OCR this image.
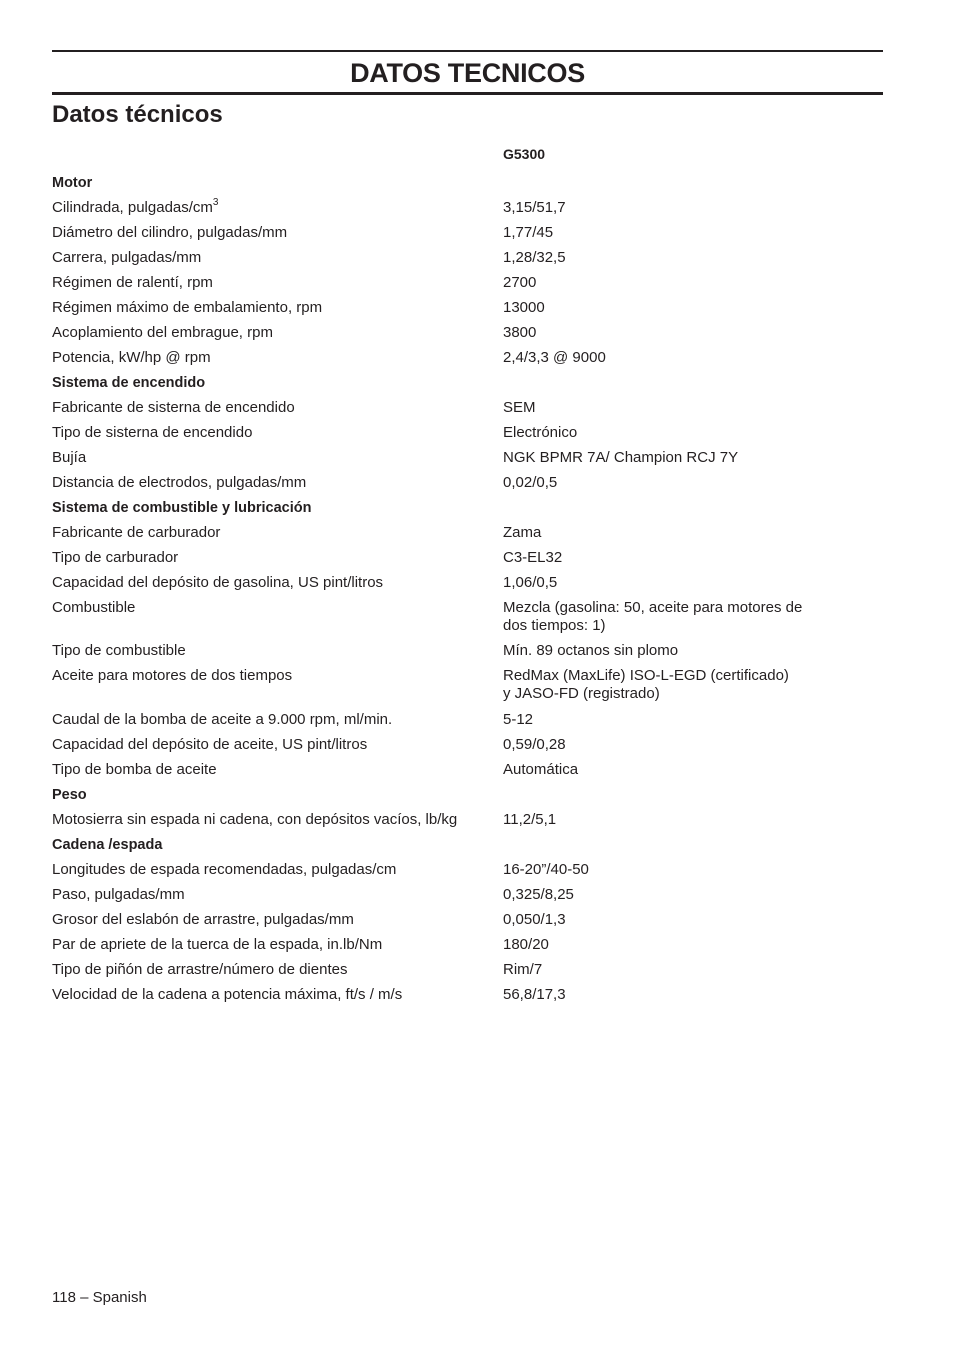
DATOS TECNICOS
Datos técnicos
G5300
Motor
Cilindrada, pulgadas/$cm^3$	3,15/51,7
Diámetro del cilindro, pulgadas/mm	1,77/45
Carrera, pulgadas/mm	1,28/32,5
Régimen de ralentí, rpm	2700
Régimen máximo de embalamiento, rpm	13000
Acoplamiento del embrague, rpm	3800
Potencia, kW/hp @ rpm	2,4/3,3 @ 9000
Sistema de encendido
Fabricante de sisterna de encendido	SEM
Tipo de sisterna de encendido	Electrónico
Bujía	NGK BPMR 7A/ Champion RCJ 7Y
Distancia de electrodos, pulgadas/mm	0,02/0,5
Sistema de combustible y lubricación
Fabricante de carburador	Zama
Tipo de carburador	C3-EL32
Capacidad del depósito de gasolina, US pint/litros	1,06/0,5
Combustible	Mezcla (gasolina: 50, aceite para motores de
dos tiempos: 1)
Tipo de combustible	Mín. 89 octanos sin plomo
Aceite para motores de dos tiempos	RedMax (MaxLife) ISO-L-EGD (certificado)
y JASO-FD (registrado)
Caudal de la bomba de aceite a 9.000 rpm, ml/min.	5-12
Capacidad del depósito de aceite, US pint/litros	0,59/0,28
Tipo de bomba de aceite	Automática
Peso
Motosierra sin espada ni cadena, con depósitos vacíos, lb/kg	11,2/5,1
Cadena /espada
Longitudes de espada recomendadas, pulgadas/cm	16-20”/40-50
Paso, pulgadas/mm	0,325/8,25
Grosor del eslabón de arrastre, pulgadas/mm	0,050/1,3
Par de apriete de la tuerca de la espada, in.lb/Nm	180/20
Tipo de piñón de arrastre/número de dientes	Rim/7
Velocidad de la cadena a potencia máxima, ft/s / m/s	56,8/17,3
118 – Spanish
